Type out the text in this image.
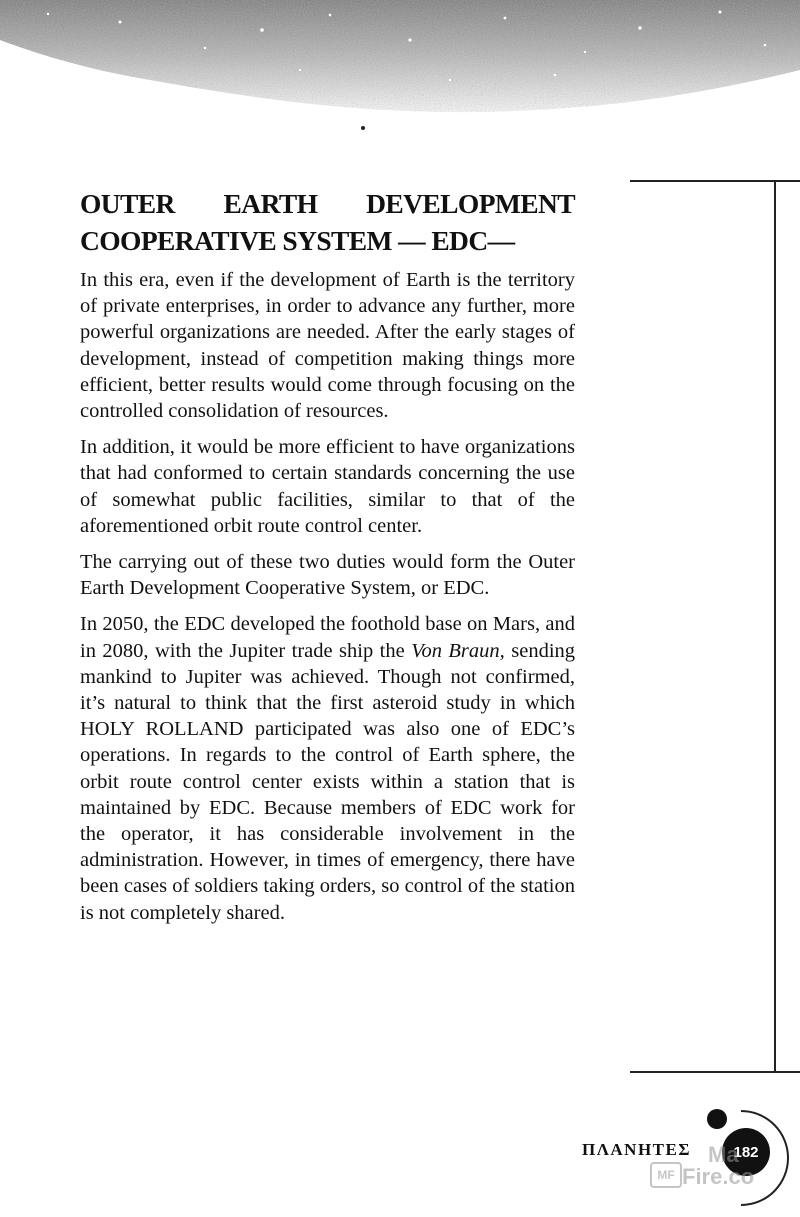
OUTER EARTH DEVELOPMENT
COOPERATIVE SYSTEM — EDC—

In this era, even if the development of Earth is the territory of private enterprises, in order to advance any further, more powerful organizations are needed. After the early stages of development, instead of competition making things more efficient, better results would come through focusing on the controlled consolidation of resources.

In addition, it would be more efficient to have organizations that had conformed to certain standards concerning the use of somewhat public facilities, similar to that of the aforementioned orbit route control center.

The carrying out of these two duties would form the Outer Earth Development Cooperative System, or EDC.

In 2050, the EDC developed the foothold base on Mars, and in 2080, with the Jupiter trade ship the Von Braun, sending mankind to Jupiter was achieved. Though not confirmed, it’s natural to think that the first asteroid study in which HOLY ROLLAND participated was also one of EDC’s operations. In regards to the control of Earth sphere, the orbit route control center exists within a station that is maintained by EDC. Because members of EDC work for the operator, it has considerable involvement in the administration. However, in times of emergency, there have been cases of soldiers taking orders, so control of the station is not completely shared.

ΠΛΑΝΗΤΕΣ	182
Ma
MF Fire.co
